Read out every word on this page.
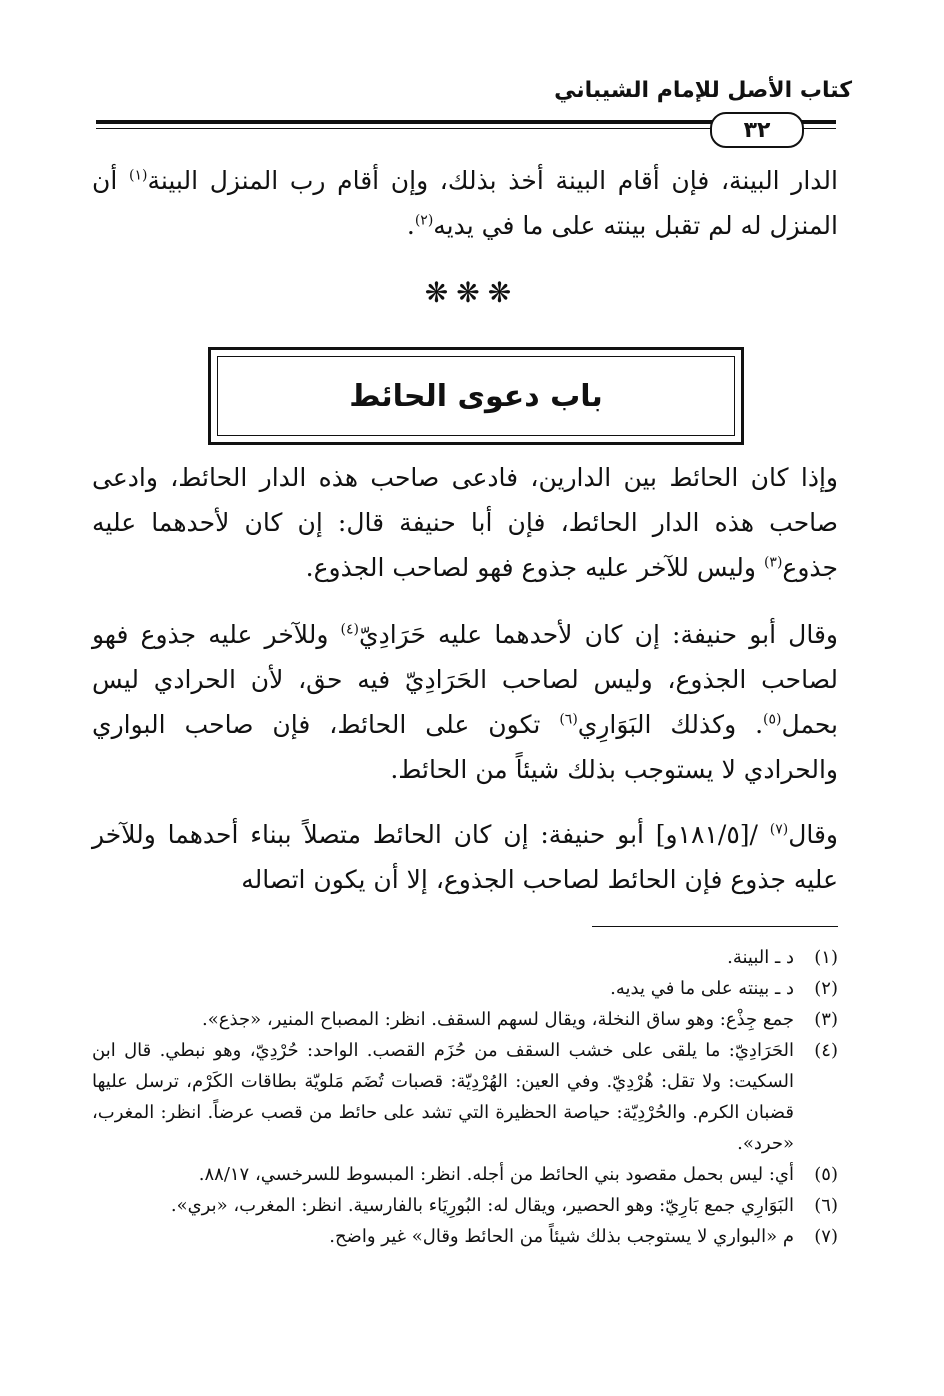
كتاب الأصل للإمام الشيباني
٣٢
الدار البينة، فإن أقام البينة أخذ بذلك، وإن أقام رب المنزل البينة$^{(١)}$ أن المنزل له لم تقبل بينته على ما في يديه$^{(٢)}$.
❋❋❋
باب دعوى الحائط
وإذا كان الحائط بين الدارين، فادعى صاحب هذه الدار الحائط، وادعى صاحب هذه الدار الحائط، فإن أبا حنيفة قال: إن كان لأحدهما عليه جذوع$^{(٣)}$ وليس للآخر عليه جذوع فهو لصاحب الجذوع.
وقال أبو حنيفة: إن كان لأحدهما عليه حَرَادِيّ$^{(٤)}$ وللآخر عليه جذوع فهو لصاحب الجذوع، وليس لصاحب الحَرَادِيّ فيه حق، لأن الحرادي ليس بحمل$^{(٥)}$. وكذلك البَوَارِي$^{(٦)}$ تكون على الحائط، فإن صاحب البواري والحرادي لا يستوجب بذلك شيئاً من الحائط.
وقال$^{(٧)}$ /[١٨١/٥و] أبو حنيفة: إن كان الحائط متصلاً ببناء أحدهما وللآخر عليه جذوع فإن الحائط لصاحب الجذوع، إلا أن يكون اتصاله
(١)
د ـ البينة.
(٢)
د ـ بينته على ما في يديه.
(٣)
جمع جِذْع: وهو ساق النخلة، ويقال لسهم السقف. انظر: المصباح المنير، «جذع».
(٤)
الحَرَادِيّ: ما يلقى على خشب السقف من حُزَم القصب. الواحد: حُرْدِيّ، وهو نبطي. قال ابن السكيت: ولا تقل: هُرْدِيّ. وفي العين: الهُرْدِيّة: قصبات تُضَم مَلويّة بطاقات الكَرْم، ترسل عليها قضبان الكرم. والحُرْدِيّة: حياصة الحظيرة التي تشد على حائط من قصب عرضاً. انظر: المغرب، «حرد».
(٥)
أي: ليس بحمل مقصود بني الحائط من أجله. انظر: المبسوط للسرخسي، ٨٨/١٧.
(٦)
البَوَارِي جمع بَارِيّ: وهو الحصير، ويقال له: البُورِيَاء بالفارسية. انظر: المغرب، «بري».
(٧)
م «البواري لا يستوجب بذلك شيئاً من الحائط وقال» غير واضح.
